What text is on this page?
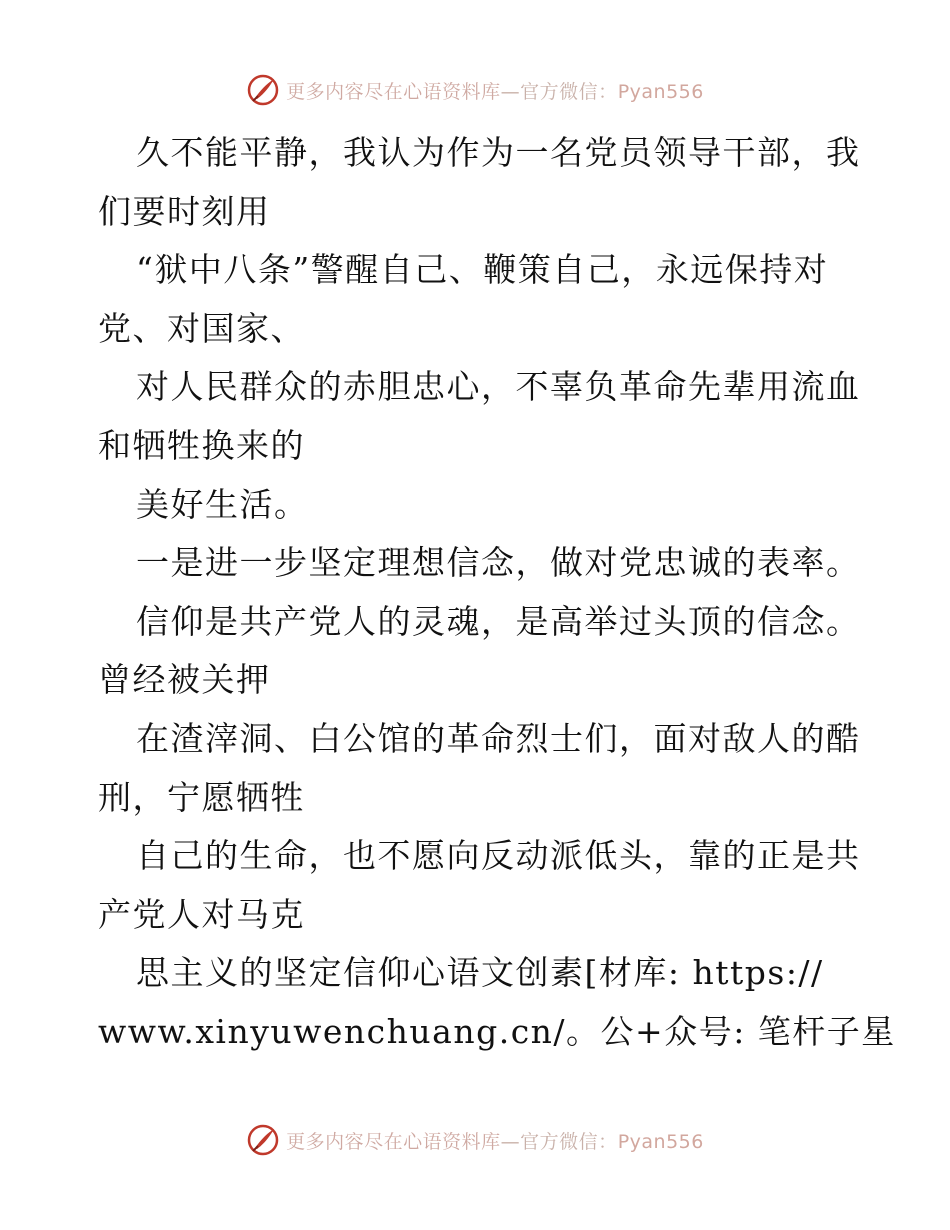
更多内容尽在心语资料库—官方微信：Pyan556
久不能平静，我认为作为一名党员领导干部，我
们要时刻用
“狱中八条”警醒自己、鞭策自己，永远保持对
党、对国家、
对人民群众的赤胆忠心，不辜负革命先辈用流血
和牺牲换来的
美好生活。
一是进一步坚定理想信念，做对党忠诚的表率。
信仰是共产党人的灵魂，是高举过头顶的信念。
曾经被关押
在渣滓洞、白公馆的革命烈士们，面对敌人的酷
刑，宁愿牺牲
自己的生命，也不愿向反动派低头，靠的正是共
产党人对马克
思主义的坚定信仰心语文创素[材库: https://
www.xinyuwenchuang.cn/。公+众号: 笔杆子星
更多内容尽在心语资料库—官方微信：Pyan556
